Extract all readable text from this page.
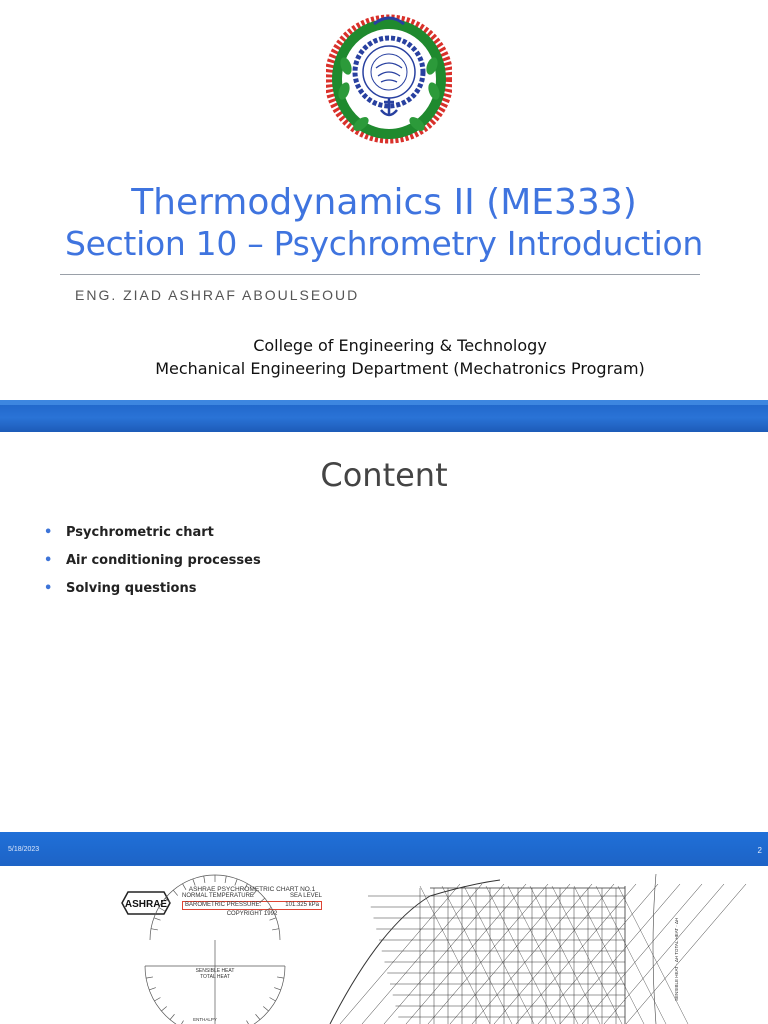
Thermodynamics II (ME333)
Section 10 – Psychrometry Introduction
ENG. ZIAD ASHRAF ABOULSEOUD
College of Engineering & Technology
Mechanical Engineering Department (Mechatronics Program)
Content
• Psychrometric chart
• Air conditioning processes
• Solving questions
5/18/2023	2
ASHRAE
ASHRAE PSYCHROMETRIC CHART NO.1
NORMAL TEMPERATURE	SEA LEVEL
BAROMETRIC PRESSURE:	101.325 kPa
COPYRIGHT 1992
SENSIBLE HEAT
TOTAL HEAT
ENTHALPY
SENSIBLE HEAT · ΔH TOTAL HEAT · ΔH
